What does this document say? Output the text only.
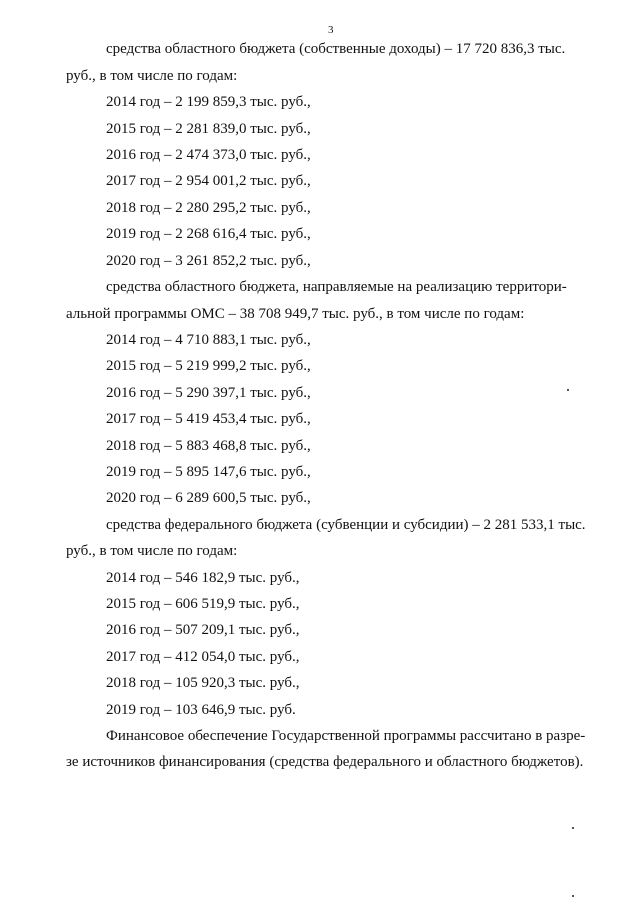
3
средства областного бюджета (собственные доходы) – 17 720 836,3 тыс.
руб., в том числе по годам:
2014 год – 2 199 859,3 тыс. руб.,
2015 год – 2 281 839,0 тыс. руб.,
2016 год – 2 474 373,0 тыс. руб.,
2017 год – 2 954 001,2 тыс. руб.,
2018 год – 2 280 295,2 тыс. руб.,
2019 год – 2 268 616,4 тыс. руб.,
2020 год – 3 261 852,2 тыс. руб.,
средства областного бюджета, направляемые на реализацию территори-
альной программы ОМС – 38 708 949,7 тыс. руб., в том числе по годам:
2014 год – 4 710 883,1 тыс. руб.,
2015 год – 5 219 999,2 тыс. руб.,
2016 год – 5 290 397,1 тыс. руб.,
2017 год – 5 419 453,4 тыс. руб.,
2018 год – 5 883 468,8 тыс. руб.,
2019 год – 5 895 147,6 тыс. руб.,
2020 год – 6 289 600,5 тыс. руб.,
средства федерального бюджета (субвенции и субсидии) – 2 281 533,1 тыс.
руб., в том числе по годам:
2014 год – 546 182,9 тыс. руб.,
2015 год – 606 519,9 тыс. руб.,
2016 год – 507 209,1 тыс. руб.,
2017 год – 412 054,0 тыс. руб.,
2018 год – 105 920,3 тыс. руб.,
2019 год – 103 646,9 тыс. руб.
Финансовое обеспечение Государственной программы рассчитано в разре-
зе источников финансирования (средства федерального и областного бюджетов).
